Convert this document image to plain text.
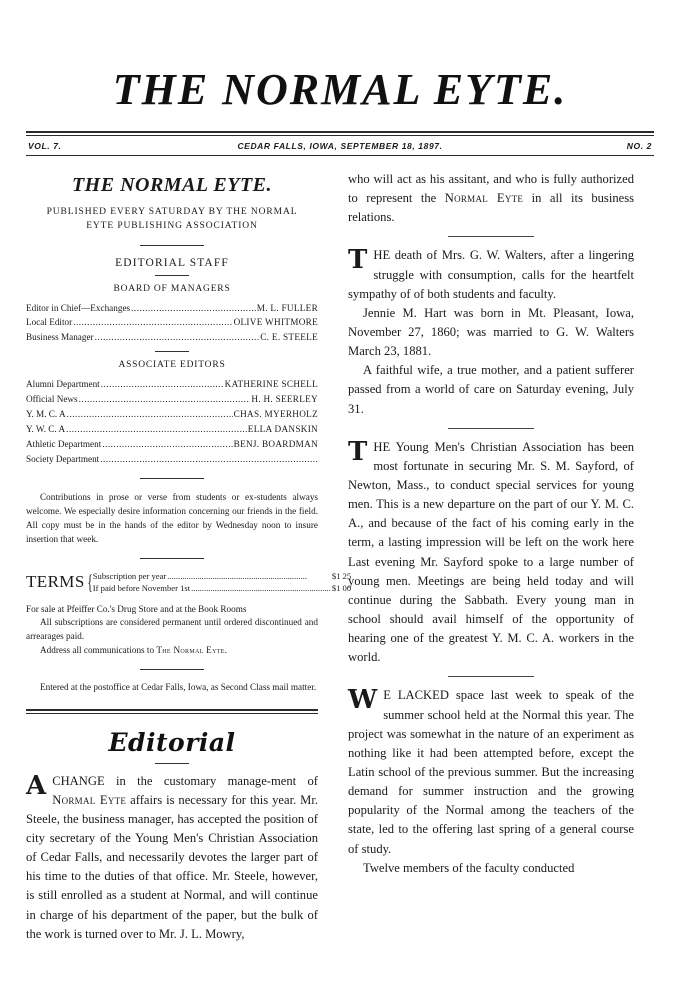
THE NORMAL EYTE.
VOL. 7.	CEDAR FALLS, IOWA, SEPTEMBER 18, 1897.	NO. 2
THE NORMAL EYTE.
PUBLISHED EVERY SATURDAY BY THE NORMAL
EYTE PUBLISHING ASSOCIATION
EDITORIAL STAFF
BOARD OF MANAGERS
Editor in Chief—Exchanges .....	M. L. FULLER
Local Editor .....	OLIVE WHITMORE
Business Manager .....	C. E. STEELE
ASSOCIATE EDITORS
Alumni Department .....	KATHERINE SCHELL
Official News .....	H. H. SEERLEY
Y. M. C. A .....	CHAS. MYERHOLZ
Y. W. C. A .....	ELLA DANSKIN
Athletic Department .....	BENJ. BOARDMAN
Society Department
.....

Contributions in prose or verse from students or ex-students always welcome. We especially desire information concerning our friends in the field. All copy must be in the hands of the editor by Wednesday noon to insure insertion that week.

TERMS { Subscription per year .....	$1 25
If paid before November 1st .....	$1 00

For sale at Pfeiffer Co.'s Drug Store and at the Book Rooms

All subscriptions are considered permanent until ordered discontinued and arrearages paid.

Address all communications to The Normal Eyte.

Entered at the postoffice at Cedar Falls, Iowa, as Second Class mail matter.

Editorial

A CHANGE in the customary manage-ment of Normal Eyte affairs is necessary for this year. Mr. Steele, the business manager, has accepted the position of city secretary of the Young Men's Christian Association of Cedar Falls, and necessarily devotes the larger part of his time to the duties of that office. Mr. Steele, however, is still enrolled as a student at Normal, and will continue in charge of his department of the paper, but the bulk of the work is turned over to Mr. J. L. Mowry,

who will act as his assitant, and who is fully authorized to represent the Normal Eyte in all its business relations.

THE death of Mrs. G. W. Walters, after a lingering struggle with consumption, calls for the heartfelt sympathy of of both students and faculty.

Jennie M. Hart was born in Mt. Pleasant, Iowa, November 27, 1860; was married to G. W. Walters March 23, 1881.

A faithful wife, a true mother, and a patient sufferer passed from a world of care on Saturday evening, July 31.

THE Young Men's Christian Association has been most fortunate in securing Mr. S. M. Sayford, of Newton, Mass., to conduct special services for young men. This is a new departure on the part of our Y. M. C. A., and because of the fact of his coming early in the term, a lasting impression will be left on the work here Last evening Mr. Sayford spoke to a large number of young men. Meetings are being held today and will continue during the Sabbath. Every young man in school should avail himself of the opportunity of hearing one of the greatest Y. M. C. A. workers in the world.

W E LACKED space last week to speak of the summer school held at the Normal this year. The project was somewhat in the nature of an experiment as nothing like it had been attempted before, except the Latin school of the previous summer. But the increasing demand for summer instruction and the growing popularity of the Normal among the teachers of the state, led to the offering last spring of a general course of study.

Twelve members of the faculty conducted
